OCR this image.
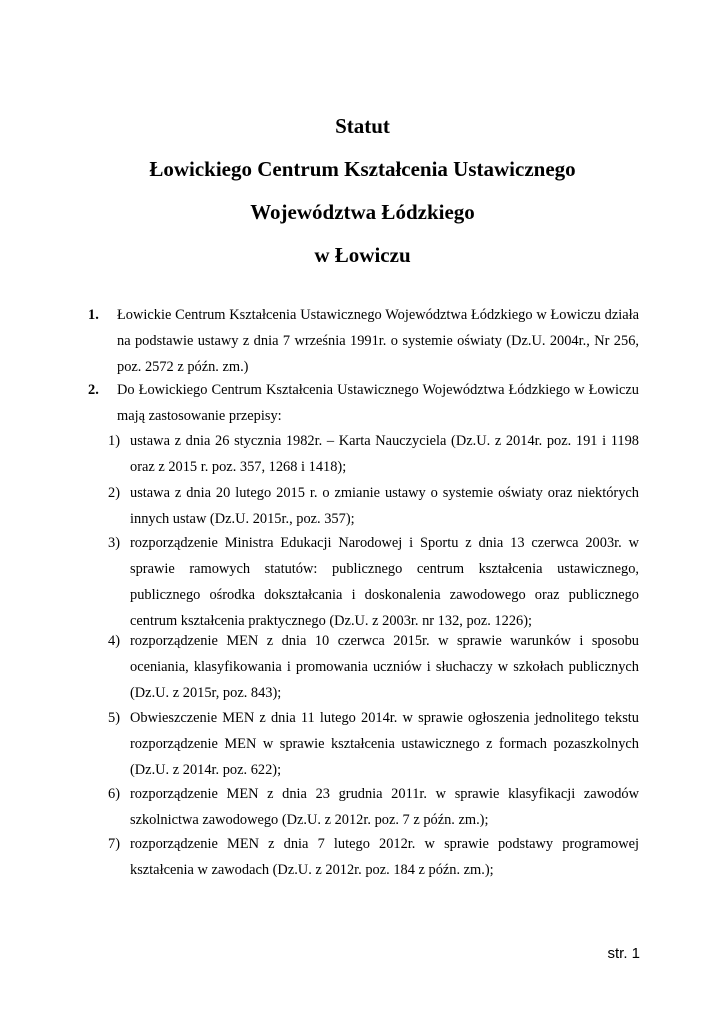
Statut
Łowickiego Centrum Kształcenia Ustawicznego
Województwa Łódzkiego
w Łowiczu
1. Łowickie Centrum Kształcenia Ustawicznego Województwa Łódzkiego w Łowiczu działa na podstawie ustawy z dnia 7 września 1991r. o systemie oświaty (Dz.U. 2004r., Nr 256, poz. 2572 z późn. zm.)
2. Do Łowickiego Centrum Kształcenia Ustawicznego Województwa Łódzkiego w Łowiczu mają zastosowanie przepisy:
1) ustawa z dnia 26 stycznia 1982r. – Karta Nauczyciela (Dz.U. z 2014r. poz. 191 i 1198 oraz z 2015 r. poz. 357, 1268 i 1418);
2) ustawa z dnia 20 lutego 2015 r. o zmianie ustawy o systemie oświaty oraz niektórych innych ustaw (Dz.U. 2015r., poz. 357);
3) rozporządzenie Ministra Edukacji Narodowej i Sportu z dnia 13 czerwca 2003r. w sprawie ramowych statutów: publicznego centrum kształcenia ustawicznego, publicznego ośrodka dokształcania i doskonalenia zawodowego oraz publicznego centrum kształcenia praktycznego (Dz.U. z 2003r. nr 132, poz. 1226);
4) rozporządzenie MEN z dnia 10 czerwca 2015r. w sprawie warunków i sposobu oceniania, klasyfikowania i promowania uczniów i słuchaczy w szkołach publicznych (Dz.U. z 2015r, poz. 843);
5) Obwieszczenie MEN z dnia 11 lutego 2014r. w sprawie ogłoszenia jednolitego tekstu rozporządzenie MEN w sprawie kształcenia ustawicznego z formach pozaszkolnych (Dz.U. z 2014r. poz. 622);
6) rozporządzenie MEN z dnia 23 grudnia 2011r. w sprawie klasyfikacji zawodów szkolnictwa zawodowego (Dz.U. z 2012r. poz. 7 z późn. zm.);
7) rozporządzenie MEN z dnia 7 lutego 2012r. w sprawie podstawy programowej kształcenia w zawodach (Dz.U. z 2012r. poz. 184 z późn. zm.);
str. 1
